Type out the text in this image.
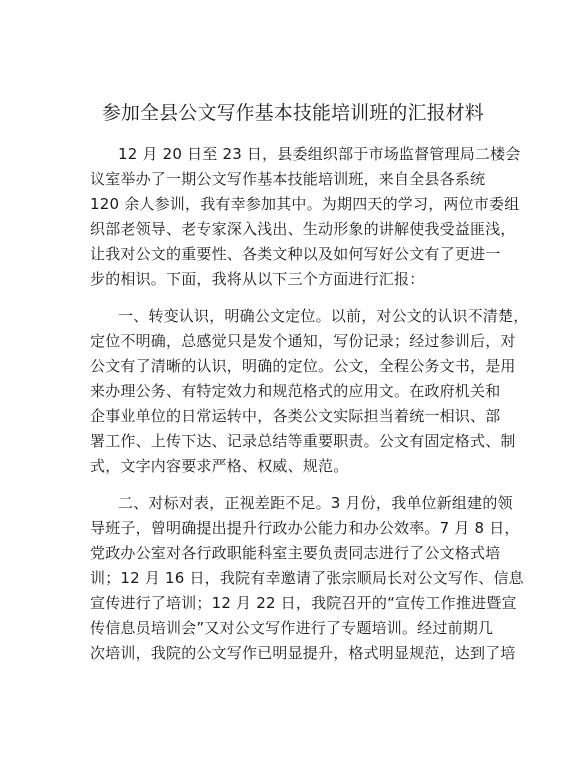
参加全县公文写作基本技能培训班的汇报材料
12 月 20 日至 23 日，县委组织部于市场监督管理局二楼会
议室举办了一期公文写作基本技能培训班，来自全县各系统
120 余人参训，我有幸参加其中。为期四天的学习，两位市委组
织部老领导、老专家深入浅出、生动形象的讲解使我受益匪浅，
让我对公文的重要性、各类文种以及如何写好公文有了更进一
步的相识。下面，我将从以下三个方面进行汇报：
一、转变认识，明确公文定位。以前，对公文的认识不清楚，
定位不明确，总感觉只是发个通知，写份记录；经过参训后，对
公文有了清晰的认识，明确的定位。公文，全程公务文书，是用
来办理公务、有特定效力和规范格式的应用文。在政府机关和
企事业单位的日常运转中，各类公文实际担当着统一相识、部
署工作、上传下达、记录总结等重要职责。公文有固定格式、制
式，文字内容要求严格、权威、规范。
二、对标对表，正视差距不足。3 月份，我单位新组建的领
导班子，曾明确提出提升行政办公能力和办公效率。7 月 8 日，
党政办公室对各行政职能科室主要负责同志进行了公文格式培
训；12 月 16 日，我院有幸邀请了张宗顺局长对公文写作、信息
宣传进行了培训；12 月 22 日，我院召开的“宣传工作推进暨宣
传信息员培训会”又对公文写作进行了专题培训。经过前期几
次培训，我院的公文写作已明显提升，格式明显规范，达到了培
